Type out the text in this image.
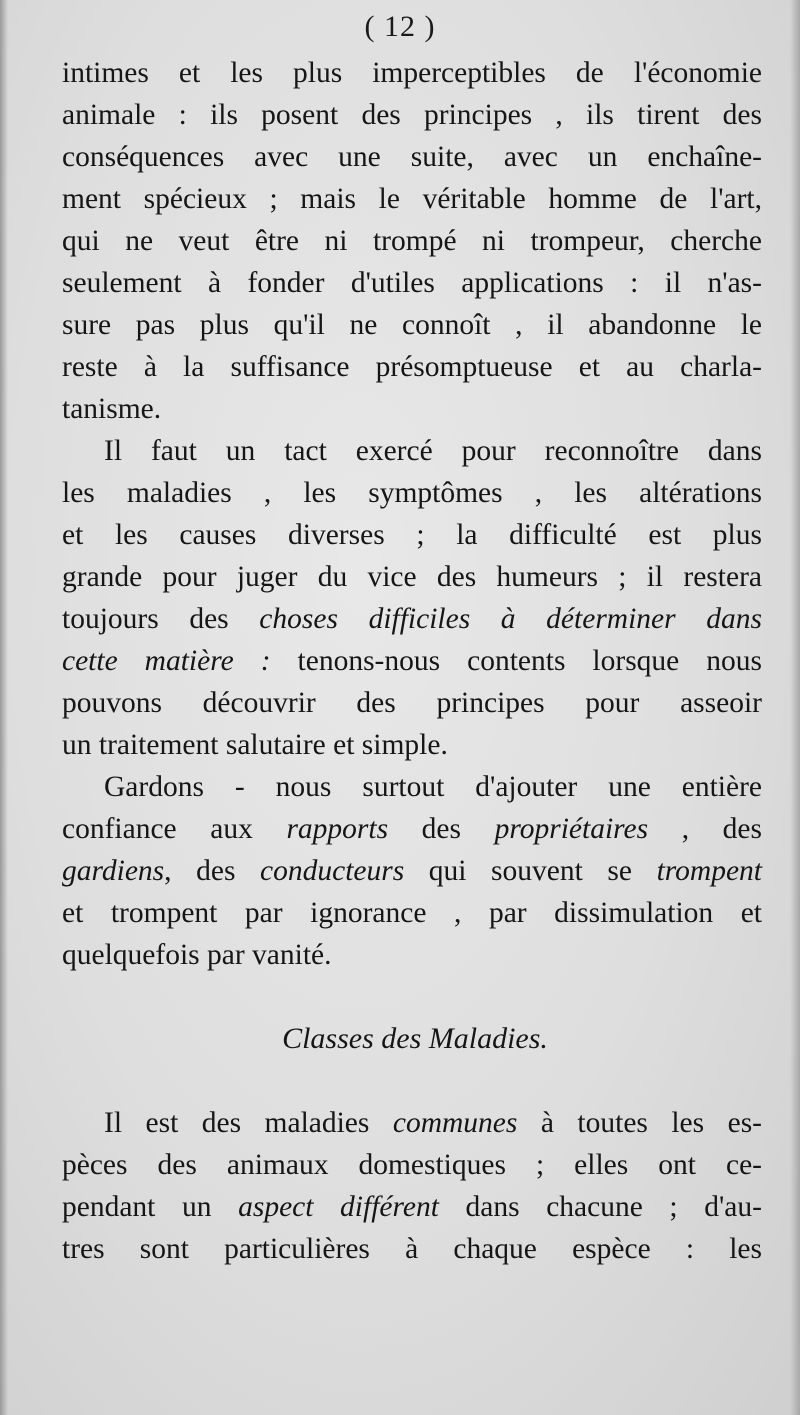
( 12 )
intimes et les plus imperceptibles de l'économie
animale : ils posent des principes , ils tirent des
conséquences avec une suite, avec un enchaîne-
ment spécieux ; mais le véritable homme de l'art,
qui ne veut être ni trompé ni trompeur, cherche
seulement à fonder d'utiles applications : il n'as-
sure pas plus qu'il ne connoît , il abandonne le
reste à la suffisance présomptueuse et au charla-
tanisme.
Il faut un tact exercé pour reconnoître dans
les maladies , les symptômes , les altérations
et les causes diverses ; la difficulté est plus
grande pour juger du vice des humeurs ; il restera
toujours des choses difficiles à déterminer dans
cette matière : tenons-nous contents lorsque nous
pouvons découvrir des principes pour asseoir
un traitement salutaire et simple.
Gardons - nous surtout d'ajouter une entière
confiance aux rapports des propriétaires , des
gardiens, des conducteurs qui souvent se trompent
et trompent par ignorance , par dissimulation et
quelquefois par vanité.
Classes des Maladies.
Il est des maladies communes à toutes les es-
pèces des animaux domestiques ; elles ont ce-
pendant un aspect différent dans chacune ; d'au-
tres sont particulières à chaque espèce : les
